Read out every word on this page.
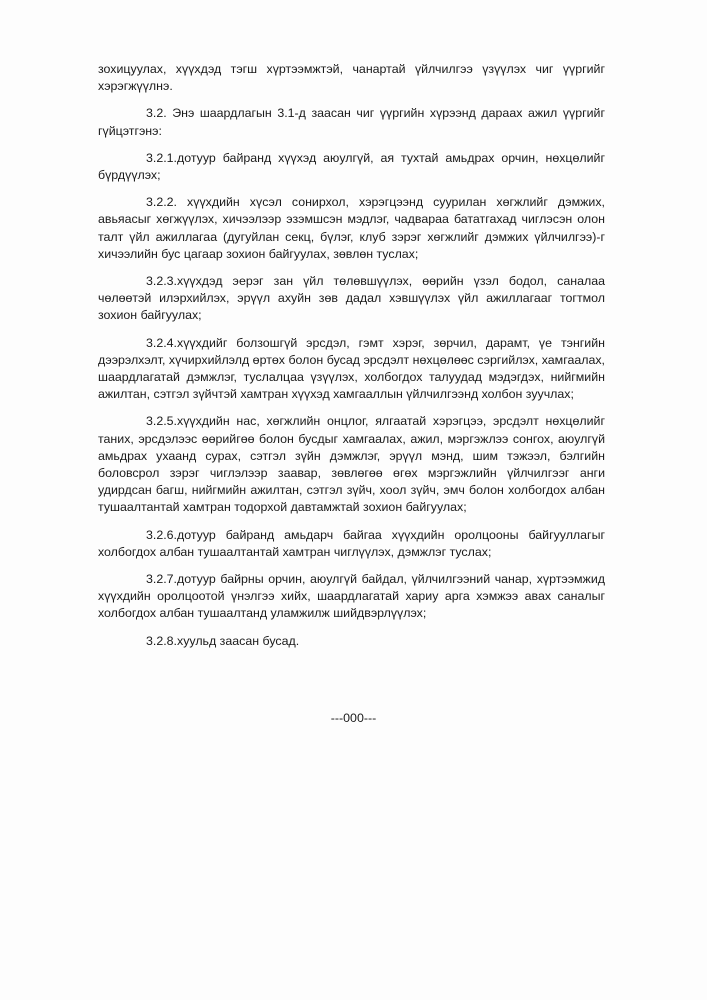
зохицуулах, хүүхдэд тэгш хүртээмжтэй, чанартай үйлчилгээ үзүүлэх чиг үүргийг хэрэгжүүлнэ.

3.2. Энэ шаардлагын 3.1-д заасан чиг үүргийн хүрээнд дараах ажил үүргийг гүйцэтгэнэ:

3.2.1.дотуур байранд хүүхэд аюулгүй, ая тухтай амьдрах орчин, нөхцөлийг бүрдүүлэх;

3.2.2. хүүхдийн хүсэл сонирхол, хэрэгцээнд суурилан хөгжлийг дэмжих, авьяасыг хөгжүүлэх, хичээлээр эзэмшсэн мэдлэг, чадвараа бататгахад чиглэсэн олон талт үйл ажиллагаа (дугуйлан секц, бүлэг, клуб зэрэг хөгжлийг дэмжих үйлчилгээ)-г хичээлийн бус цагаар зохион байгуулах, зөвлөн туслах;

3.2.3.хүүхдэд эерэг зан үйл төлөвшүүлэх, өөрийн үзэл бодол, саналаа чөлөөтэй илэрхийлэх, эрүүл ахуйн зөв дадал хэвшүүлэх үйл ажиллагааг тогтмол зохион байгуулах;

3.2.4.хүүхдийг болзошгүй эрсдэл, гэмт хэрэг, зөрчил, дарамт, үе тэнгийн дээрэлхэлт, хүчирхийлэлд өртөх болон бусад эрсдэлт нөхцөлөөс сэргийлэх, хамгаалах, шаардлагатай дэмжлэг, туслалцаа үзүүлэх, холбогдох талуудад мэдэгдэх, нийгмийн ажилтан, сэтгэл зүйчтэй хамтран хүүхэд хамгааллын үйлчилгээнд холбон зуучлах;

3.2.5.хүүхдийн нас, хөгжлийн онцлог, ялгаатай хэрэгцээ, эрсдэлт нөхцөлийг таних, эрсдэлээс өөрийгөө болон бусдыг хамгаалах, ажил, мэргэжлээ сонгох, аюулгүй амьдрах ухаанд сурах, сэтгэл зүйн дэмжлэг, эрүүл мэнд, шим тэжээл, бэлгийн боловсрол зэрэг чиглэлээр заавар, зөвлөгөө өгөх мэргэжлийн үйлчилгээг анги удирдсан багш, нийгмийн ажилтан, сэтгэл зүйч, хоол зүйч, эмч болон холбогдох албан тушаалтантай хамтран тодорхой давтамжтай зохион байгуулах;

3.2.6.дотуур байранд амьдарч байгаа хүүхдийн оролцооны байгууллагыг холбогдох албан тушаалтантай хамтран чиглүүлэх, дэмжлэг туслах;

3.2.7.дотуур байрны орчин, аюулгүй байдал, үйлчилгээний чанар, хүртээмжид хүүхдийн оролцоотой үнэлгээ хийх, шаардлагатай хариу арга хэмжээ авах саналыг холбогдох албан тушаалтанд уламжилж шийдвэрлүүлэх;

3.2.8.хуульд заасан бусад.

---000---
